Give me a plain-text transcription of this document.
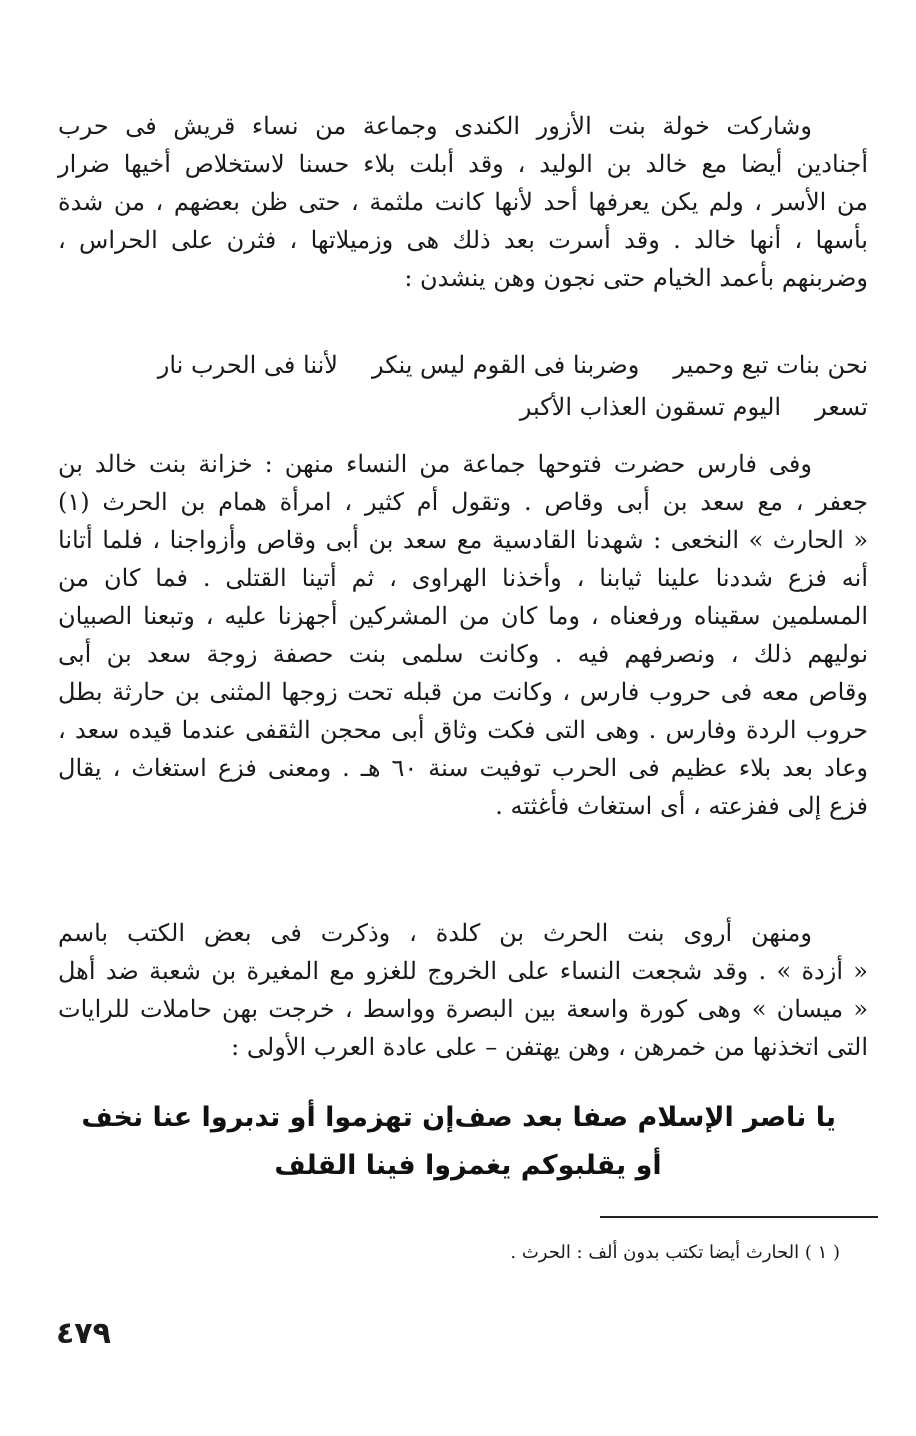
وشاركت خولة بنت الأزور الكندى وجماعة من نساء قريش فى حرب
أجنادين أيضا مع خالد بن الوليد ، وقد أبلت بلاء حسنا لاستخلاص أخيها ضرار
من الأسر ، ولم يكن يعرفها أحد لأنها كانت ملثمة ، حتى ظن بعضهم ، من شدة
بأسها ، أنها خالد . وقد أسرت بعد ذلك هى وزميلاتها ، فثرن على الحراس ،
وضربنهم بأعمد الخيام حتى نجون وهن ينشدن :
نحن بنات تبع وحميروضربنا فى القوم ليس ينكرلأننا فى الحرب نار
تسعراليوم تسقون العذاب الأكبر
وفى فارس حضرت فتوحها جماعة من النساء منهن : خزانة بنت خالد بن
جعفر ، مع سعد بن أبى وقاص . وتقول أم كثير ، امرأة همام بن الحرث (١)
« الحارث » النخعى : شهدنا القادسية مع سعد بن أبى وقاص وأزواجنا ، فلما أتانا
أنه فزع شددنا علينا ثيابنا ، وأخذنا الهراوى ، ثم أتينا القتلى . فما كان من
المسلمين سقيناه ورفعناه ، وما كان من المشركين أجهزنا عليه ، وتبعنا الصبيان
نوليهم ذلك ، ونصرفهم فيه . وكانت سلمى بنت حصفة زوجة سعد بن أبى
وقاص معه فى حروب فارس ، وكانت من قبله تحت زوجها المثنى بن حارثة بطل
حروب الردة وفارس . وهى التى فكت وثاق أبى محجن الثقفى عندما قيده سعد ،
وعاد بعد بلاء عظيم فى الحرب توفيت سنة ٦٠ هـ . ومعنى فزع استغاث ، يقال
فزع إلى ففزعته ، أى استغاث فأغثته .
ومنهن أروى بنت الحرث بن كلدة ، وذكرت فى بعض الكتب باسم
« أزدة » . وقد شجعت النساء على الخروج للغزو مع المغيرة بن شعبة ضد أهل
« ميسان » وهى كورة واسعة بين البصرة وواسط ، خرجت بهن حاملات للرايات
التى اتخذنها من خمرهن ، وهن يهتفن – على عادة العرب الأولى :
يا ناصر الإسلام صفا بعد صفإن تهزموا أو تدبروا عنا نخف
أو يقلبوكم يغمزوا فينا القلف
( ١ ) الحارث أيضا تكتب بدون ألف : الحرث .
٤٧٩
